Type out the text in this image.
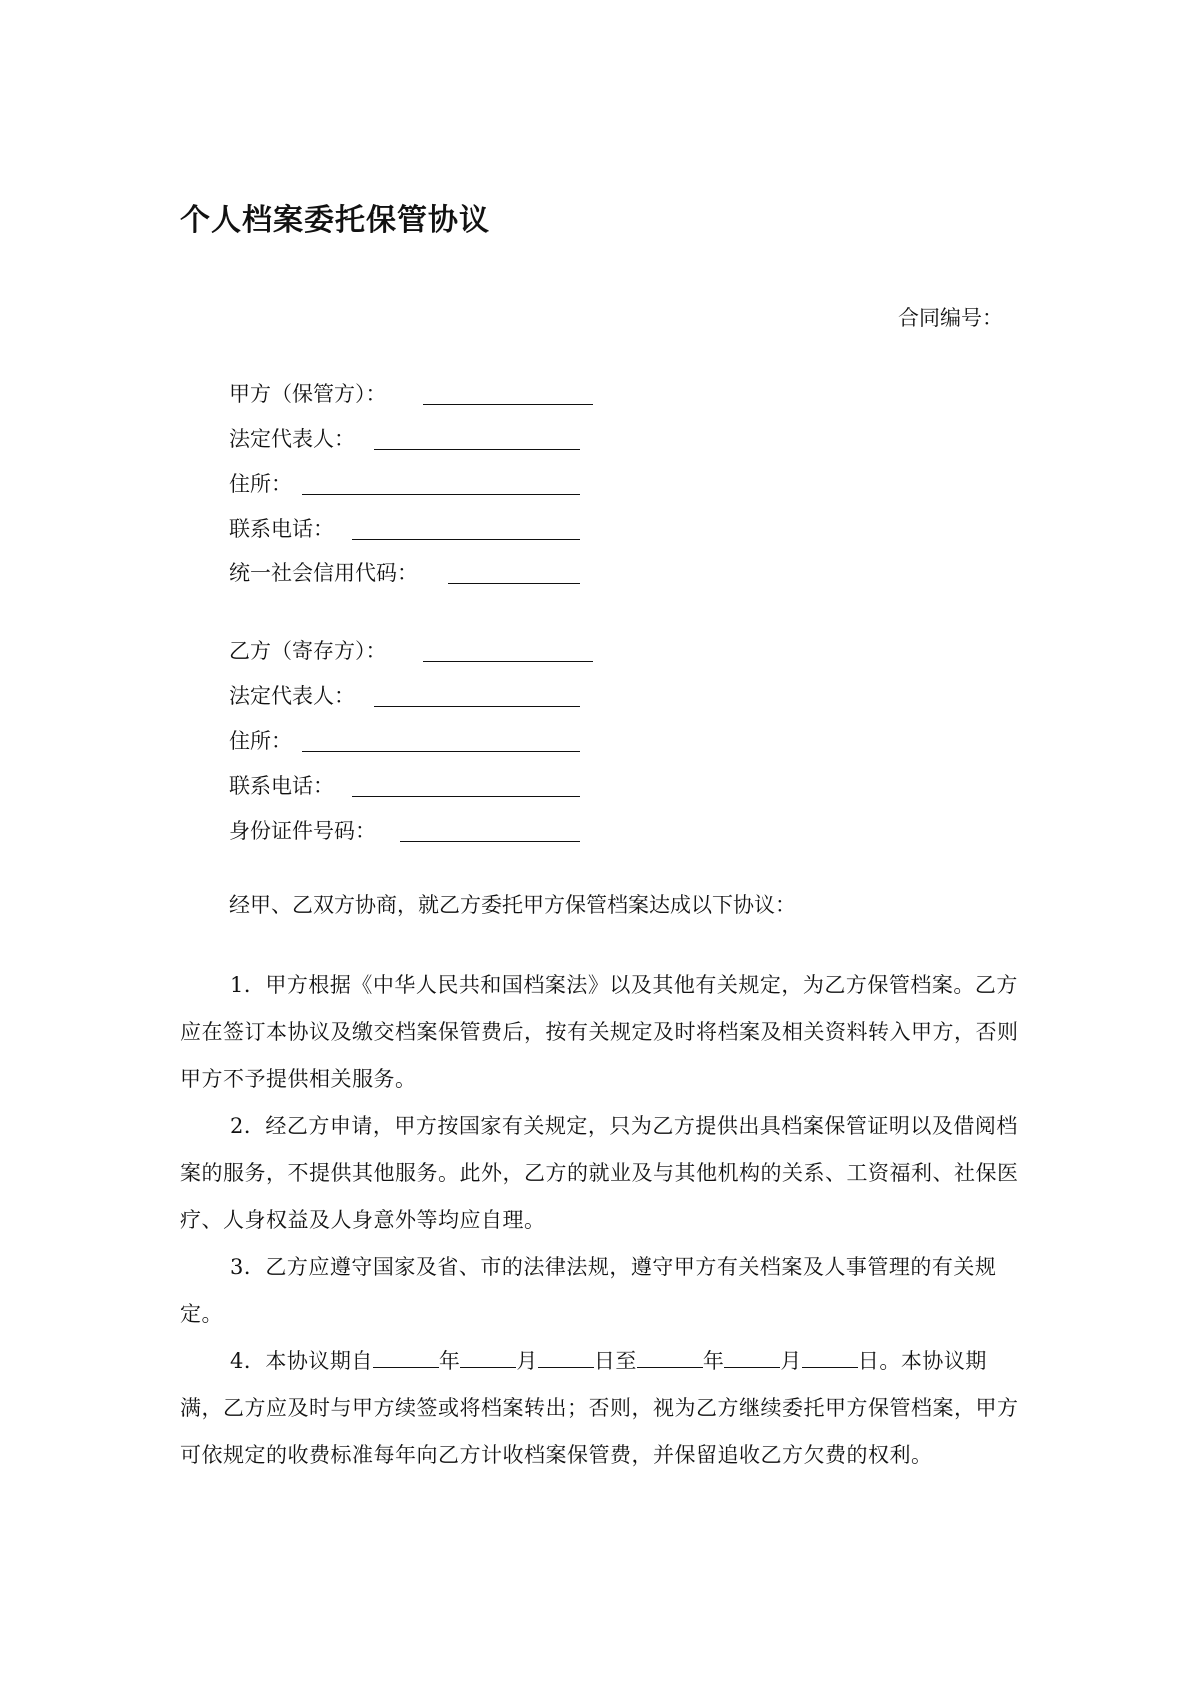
个人档案委托保管协议
合同编号：
甲方（保管方）：
法定代表人：
住所：
联系电话：
统一社会信用代码：
乙方（寄存方）：
法定代表人：
住所：
联系电话：
身份证件号码：
经甲、乙双方协商，就乙方委托甲方保管档案达成以下协议：
1．甲方根据《中华人民共和国档案法》以及其他有关规定，为乙方保管档案。乙方应在签订本协议及缴交档案保管费后，按有关规定及时将档案及相关资料转入甲方，否则甲方不予提供相关服务。
2．经乙方申请，甲方按国家有关规定，只为乙方提供出具档案保管证明以及借阅档案的服务，不提供其他服务。此外，乙方的就业及与其他机构的关系、工资福利、社保医疗、人身权益及人身意外等均应自理。
3．乙方应遵守国家及省、市的法律法规，遵守甲方有关档案及人事管理的有关规定。
4．本协议期自	年	月	日至	年	月	日。本协议期满，乙方应及时与甲方续签或将档案转出；否则，视为乙方继续委托甲方保管档案，甲方可依规定的收费标准每年向乙方计收档案保管费，并保留追收乙方欠费的权利。
